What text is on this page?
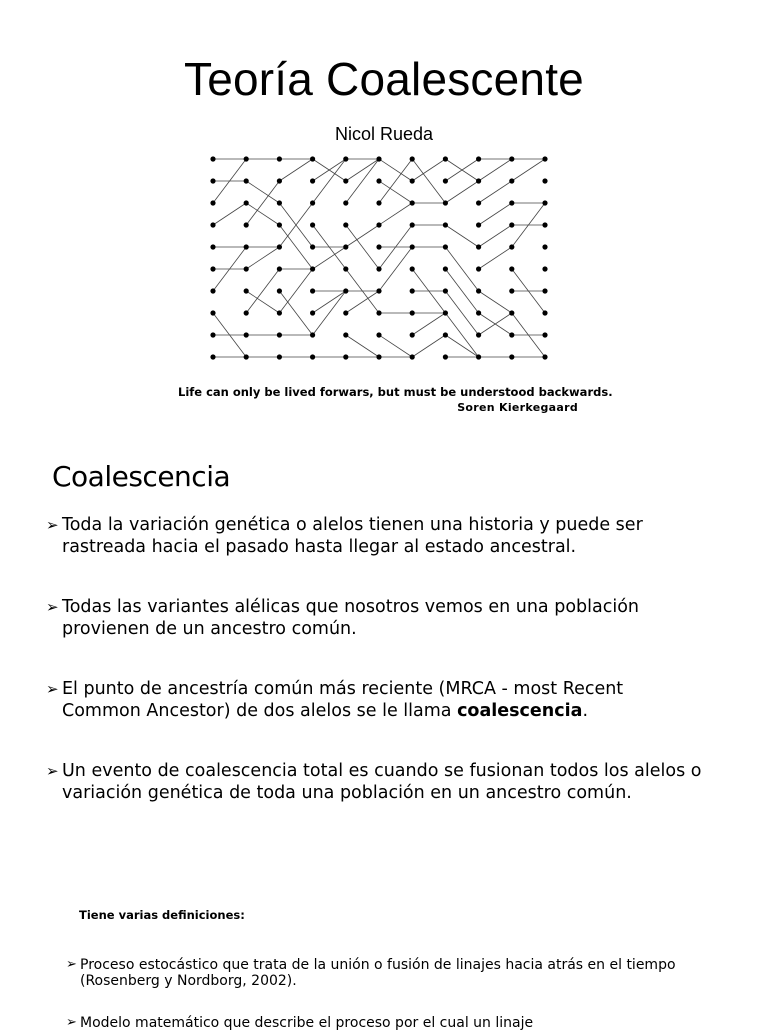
Teoría Coalescente
Nicol Rueda
Life can only be lived forwars, but must be understood backwards.
Soren Kierkegaard
Coalescencia
➢ Toda la variación genética o alelos tienen una historia y puede ser rastreada hacia el pasado hasta llegar al estado ancestral.
➢ Todas las variantes alélicas que nosotros vemos en una población provienen de un ancestro común.
➢ El punto de ancestría común más reciente (MRCA - most Recent Common Ancestor) de dos alelos se le llama coalescencia.
➢ Un evento de coalescencia total es cuando se fusionan todos los alelos o variación genética de toda una población en un ancestro común.
Tiene varias definiciones:
➢ Proceso estocástico que trata de la unión o fusión de linajes hacia atrás en el tiempo (Rosenberg y Nordborg, 2002).
➢ Modelo matemático que describe el proceso por el cual un linaje
